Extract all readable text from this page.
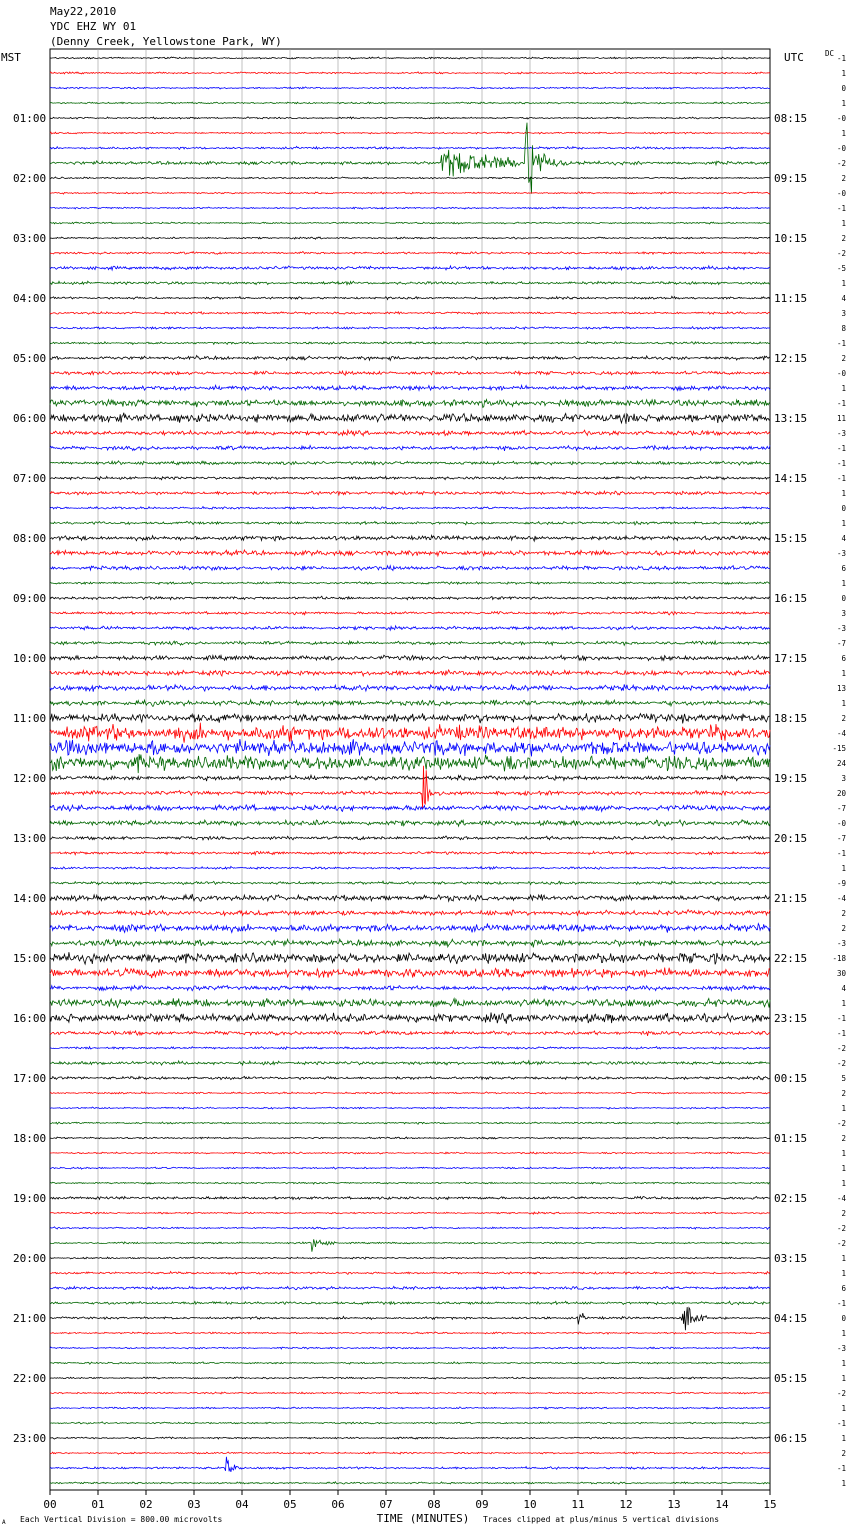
-1
1
0
1
-0
1
-0
-2
2
-0
-1
1
2
-2
-5
1
4
3
8
-1
2
-0
1
-1
11
-3
-1
-1
-1
1
0
1
4
-3
6
1
0
3
-3
-7
6
1
13
1
2
-4
-15
24
3
20
-7
-0
-7
-1
1
-9
-4
2
2
-3
-18
30
4
1
-1
-1
-2
-2
5
2
1
-2
2
1
1
1
-4
2
-2
-2
1
1
6
-1
0
1
-3
1
1
-2
1
-1
1
2
-1
1
MST	UTC	DC
01:00
02:00
03:00
04:00
05:00
06:00
07:00
08:00
09:00
10:00
11:00
12:00
13:00
14:00
15:00
16:00
17:00
18:00
19:00
20:00
21:00
22:00
23:00
08:15
09:15
10:15
11:15
12:15
13:15
14:15
15:15
16:15
17:15
18:15
19:15
20:15
21:15
22:15
23:15
00:15
01:15
02:15
03:15
04:15
05:15
06:15
00	01	02	03	04	05	06	07	08	09	10	11	12	13	14	15
TIME (MINUTES)
A Each Vertical Division = 800.00 microvolts	Traces clipped at plus/minus 5 vertical divisions
May22,2010
YDC EHZ WY 01
(Denny Creek, Yellowstone Park, WY)
